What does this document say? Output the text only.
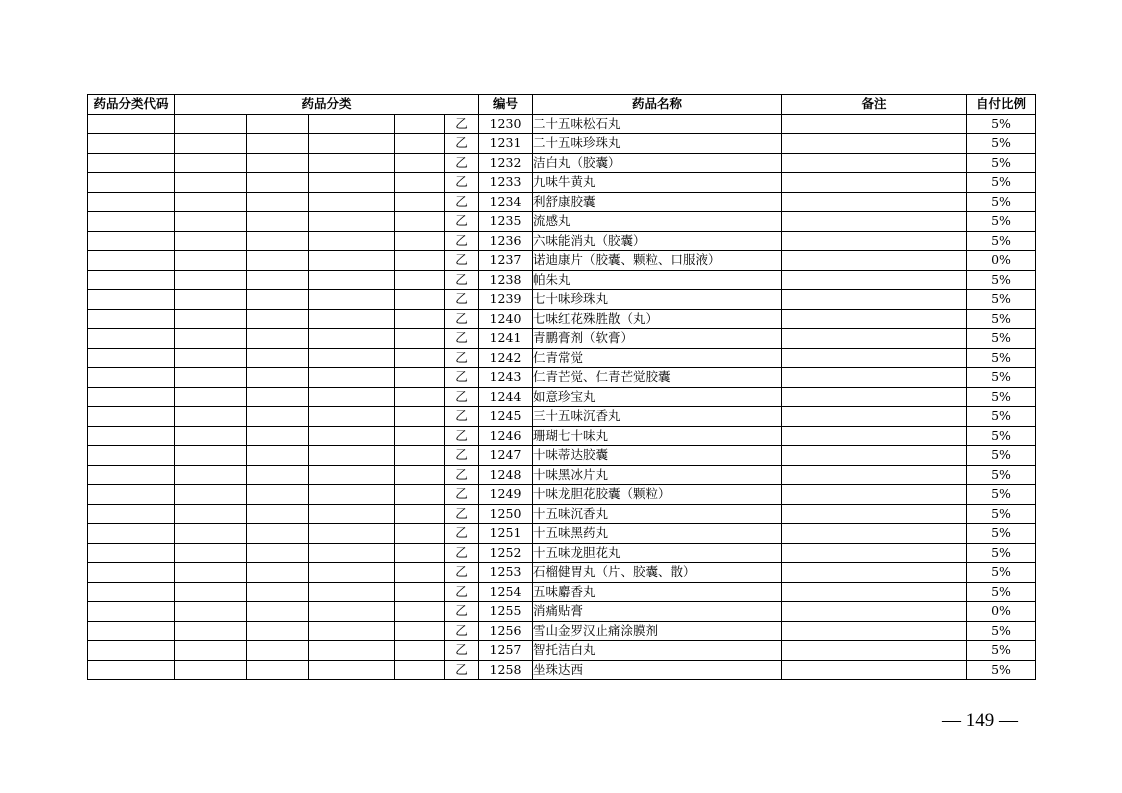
药品分类代码	药品分类					编号	药品名称	备注	自付比例
					乙	1230	二十五味松石丸		5%
					乙	1231	二十五味珍珠丸		5%
					乙	1232	洁白丸（胶囊）		5%
					乙	1233	九味牛黄丸		5%
					乙	1234	利舒康胶囊		5%
					乙	1235	流感丸		5%
					乙	1236	六味能消丸（胶囊）		5%
					乙	1237	诺迪康片（胶囊、颗粒、口服液）		0%
					乙	1238	帕朱丸		5%
					乙	1239	七十味珍珠丸		5%
					乙	1240	七味红花殊胜散（丸）		5%
					乙	1241	青鹏膏剂（软膏）		5%
					乙	1242	仁青常觉		5%
					乙	1243	仁青芒觉、仁青芒觉胶囊		5%
					乙	1244	如意珍宝丸		5%
					乙	1245	三十五味沉香丸		5%
					乙	1246	珊瑚七十味丸		5%
					乙	1247	十味蒂达胶囊		5%
					乙	1248	十味黑冰片丸		5%
					乙	1249	十味龙胆花胶囊（颗粒）		5%
					乙	1250	十五味沉香丸		5%
					乙	1251	十五味黑药丸		5%
					乙	1252	十五味龙胆花丸		5%
					乙	1253	石榴健胃丸（片、胶囊、散）		5%
					乙	1254	五味麝香丸		5%
					乙	1255	消痛贴膏		0%
					乙	1256	雪山金罗汉止痛涂膜剂		5%
					乙	1257	智托洁白丸		5%
					乙	1258	坐珠达西		5%
— 149 —
